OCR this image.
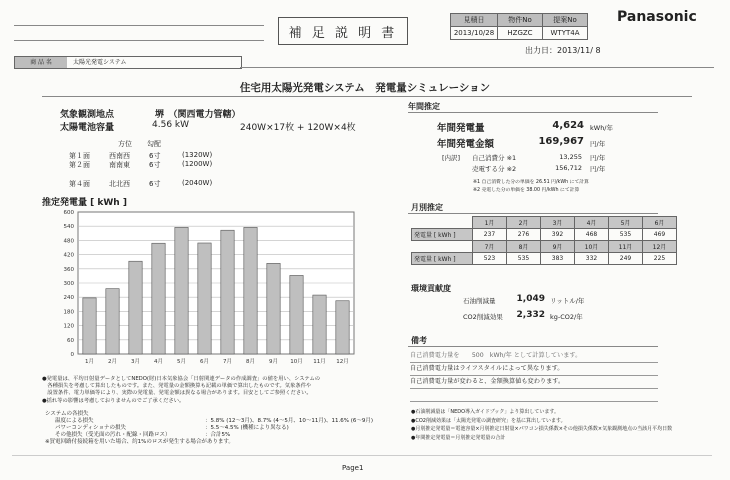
補 足 説 明 書
見積日	物件No	提案No
2013/10/28	HZGZC	WTYT4A
Panasonic
出力日：2013/11/ 8
商 品 名	太陽光発電システム
住宅用太陽光発電システム　発電量シミュレーション
気象観測地点	堺　（関西電力管轄）
太陽電池容量	4.56 kW	240W×17枚 + 120W×4枚
方位 勾配
第１面	西南西	6寸	(1320W)
第２面	南南東	6寸	(1200W)
第４面	北北西	6寸	(2040W)
推定発電量 [ kWh ]
600
540
480
420
360
300
240
180
120
60
0
1月	2月	3月	4月	5月	6月	7月	8月	9月 10月 11月 12月
●発電量は、平均日射量データとしてNEDO(財)日本気象協会「日射関連データの作成調査」の値を用い、システムの
　各種損失を考慮して算出したものです。また、発電量の金額換算も記載の単価で算出したものです。気象条件や
　設置条件、電力単価等により、実際の発電量、発電金額は異なる場合があります。目安としてご参照ください。
●揺れ等の影響は考慮しておりませんのでご了承ください。
システムの各損失
温度による損失	：5.8% (12～3月)、8.7% (4～5月、10～11月)、11.6% (6～9月)
パワーコンディショナの損失	：5.5～4.5% (機種により異なる)
その他損失（受光面の汚れ・配線・回路ロス）	：合計5%
※買電回路付接続箱を用いた場合、約1%のロスが発生する場合があります。
年間推定
年間発電量	4,624 kWh/年
年間発電金額	169,967 円/年
[内訳] 自己消費分 ※1	13,255 円/年
売電する分 ※2	156,712 円/年
※1 自己消費した分の単価を 26.51 円/kWh にて計算
※2 売電した分の単価を 38.00 円/kWh にて計算
月別推定
	1月	2月	3月	4月	5月	6月
発電量 [ kWh ]	237	276	392	468	535	469
	7月	8月	9月	10月	11月	12月
発電量 [ kWh ]	523	535	383	332	249	225
環境貢献度
石油削減量	1,049 リットル/年
CO2削減効果	2,332 kg-CO2/年
備考
自己消費電力量を　　500　kWh/年 として計算しています。
自己消費電力量はライフスタイルによって異なります。
自己消費電力量が変わると、金額換算値も変わります。
●石油削減量は「NEDO導入ガイドブック」より算出しています。
●CO2削減効果は「太陽光発電の調査研究」を基に算出しています。
●月別推定発電量＝電池容量×月別推定日射量×パワコン損失係数×その他損失係数×気象観測地点の当該月平均日数
●年間推定発電量＝月別推定発電量の合計
Page1
